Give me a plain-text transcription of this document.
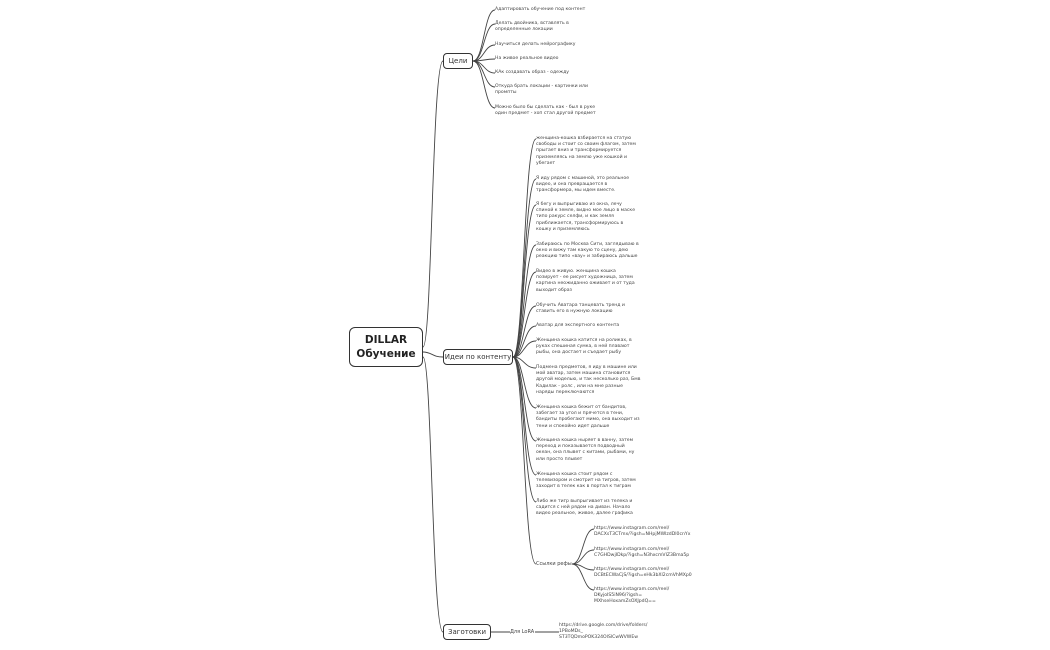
DILLAR
Обучение
Цели
Идеи по контенту
Заготовки
Адаптировать обучение под контент
Делать двойника, вставлять в
определенные локации
Научиться делать нейрографику
На живое реальное видео
КАк создавать образ - одежду
Откуда брать локации - картинки или
промпты
Можно было бы сделать как - был в руке
один предмет - хоп стал другой предмет
женщина-кошка взбирается на статую
свободы и стоит со своим флагом, затем
прыгает вниз и трансформируется
приземляясь на землю уже кошкой и
убегает
Я иду рядом с машиной, это реальное
видео, и она превращается в
трансформера, мы идем вместе.
Я бегу и выпрыгиваю из окна, лечу
спиной к земле, видно мое лицо в маске
типо ракурс селфи, и как земля
приближается, трансформируюсь в
кошку и приземляюсь
Забираюсь по Москва Сити, заглядываю в
окно и вижу там какую то сцену, дею
реакцию типо «вау» и забираюсь дальше
Видео в живую. женщина кошка
позирует - ее рисует художница, затем
картина неожиданно оживает и от туда
выходит образ
Обучить Аватара танцевать тренд и
ставить его в нужную локацию
Аватар для экспертного контента
Женщина кошка катится на роликах, в
руках спешиная сумка, в ней плавают
рыбы, она достает и съедает рыбу
Подмена предметов, я иду в машине или
мой аватар, затем машина становится
другой моделью, и так несколько раз, Бмв
Кадилак - ролс , или на мне разные
наряды переключаются
Женщина кошка бежит от бандитов,
забегает за угол и прячется в тени,
бандиты пробегают мимо, она выходит из
тени и спокойно идет дальше
Женщина кошка ныряет в ванну, затем
переход и показывается подводный
океан, она плывет с китами, рыбами, ну
или просто плывет
Женщина кошка стоит рядом с
телевизором и смотрит на тигров, затем
заходит в телек как в портал к тиграм
Либо же тигр выпрыгивает из телека и
садится с ней рядом на диван. Начало
видео реальное, живое, далее графика
Ссылки рефы
https://www.instagram.com/reel/
DACXsT3CTmx/?igsh=NHpjMWlzdDl0cnYx
https://www.instagram.com/reel/
C7GHDwjIDkp/?igsh=N3hxcmVlZ3Bma5p
https://www.instagram.com/reel/
DCBtECWaCjS/?igsh=eHk3bXl2cmVhMXp0
https://www.instagram.com/reel/
DKyjoIS5iN96/?igsh=
MXhseHoxamZsOXJpdQ==
Для LoRA
https://drive.google.com/drive/folders/
1PBoMDs_
ST3TQDmoPOK324OlSlCwWVWEw
